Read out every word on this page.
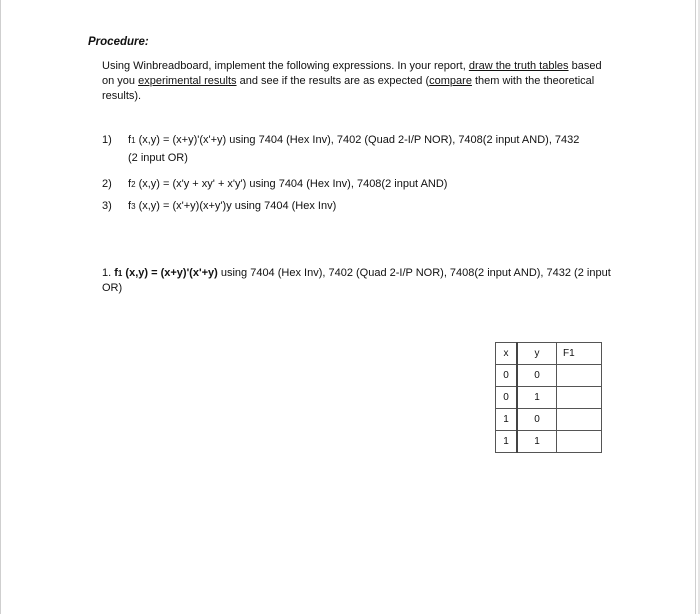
Procedure:
Using Winbreadboard, implement the following expressions. In your report, draw the truth tables based on you experimental results and see if the results are as expected (compare them with the theoretical results).
1) f1 (x,y) = (x+y)'(x'+y) using 7404 (Hex Inv), 7402 (Quad 2-I/P NOR), 7408(2 input AND), 7432
(2 input OR)
2) f2 (x,y) = (x'y + xy' + x'y') using 7404 (Hex Inv), 7408(2 input AND)
3) f3 (x,y) = (x'+y)(x+y')y using 7404 (Hex Inv)
1. f1 (x,y) = (x+y)'(x'+y) using 7404 (Hex Inv), 7402 (Quad 2-I/P NOR), 7408(2 input AND), 7432 (2 input OR)
x	y	F1
0	0	
0	1	
1	0	
1	1	
